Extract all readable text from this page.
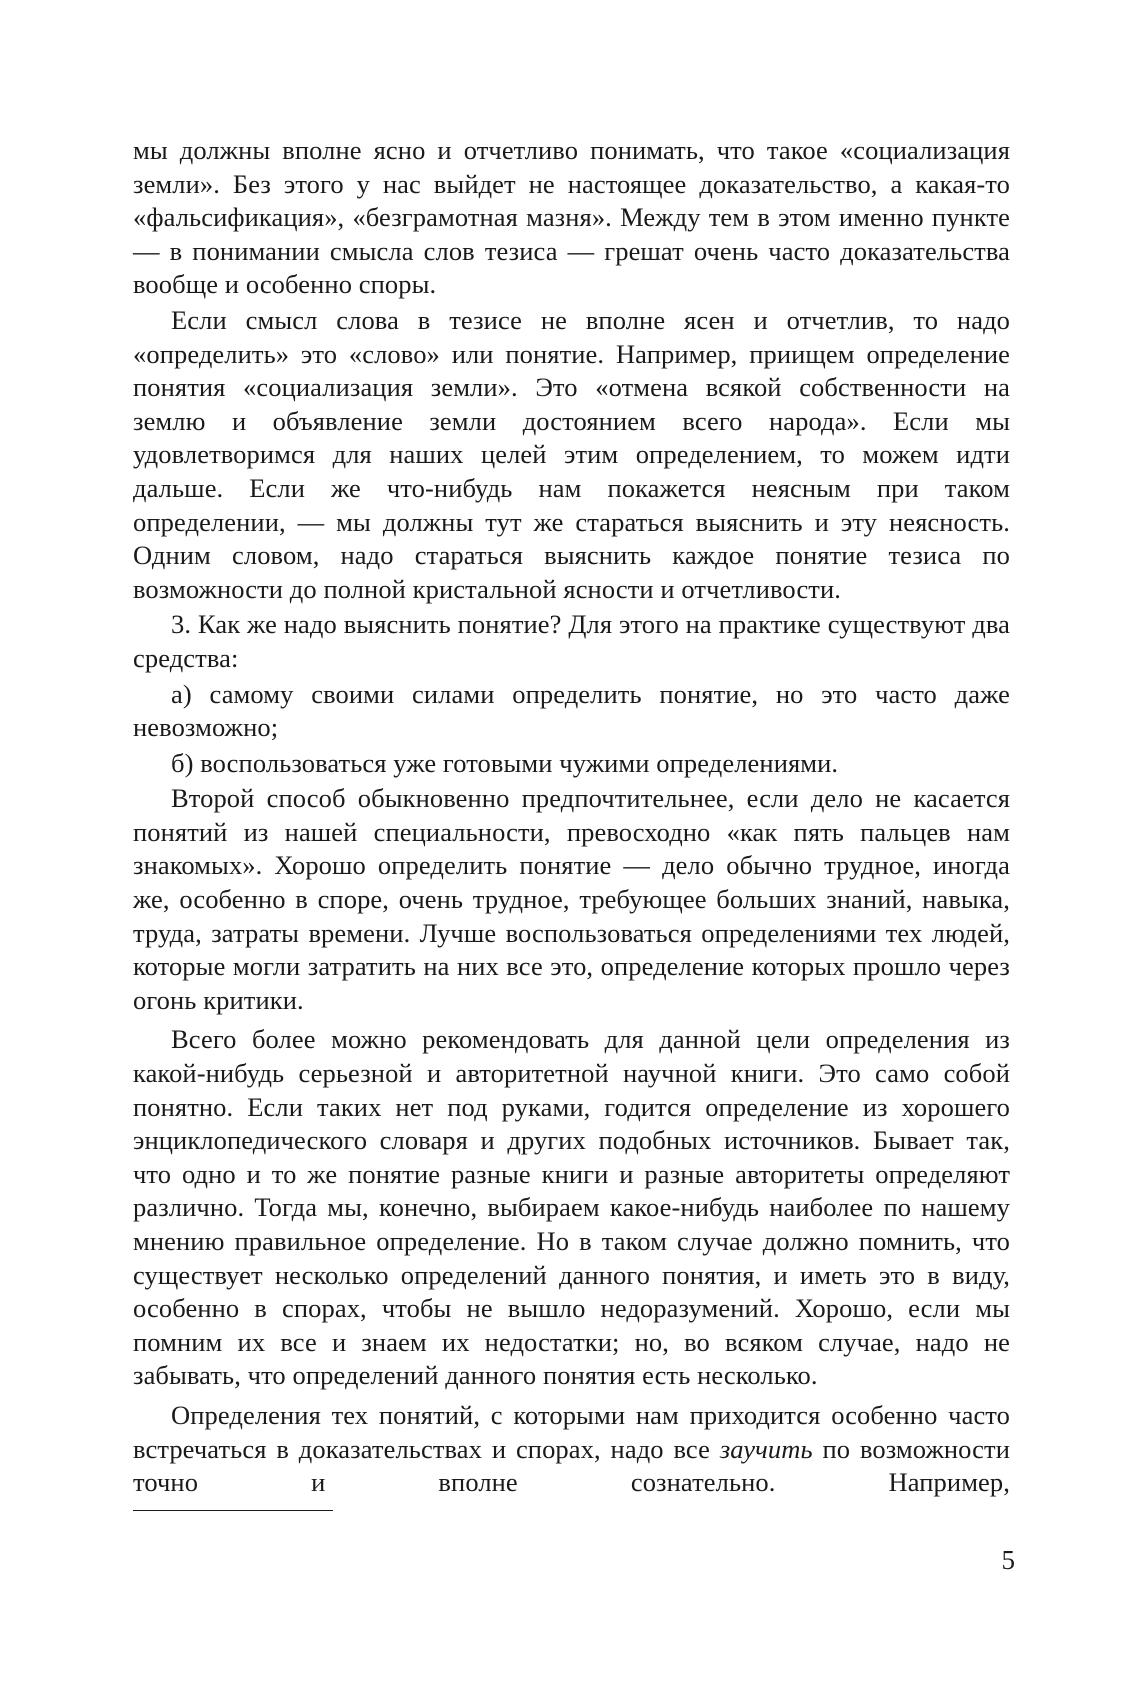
мы должны вполне ясно и отчетливо понимать, что такое «социализация земли». Без этого у нас выйдет не настоящее доказательство, а какая-то «фальсификация», «безграмотная мазня». Между тем в этом именно пункте — в понимании смысла слов тезиса — грешат очень часто доказательства вообще и особенно споры.

Если смысл слова в тезисе не вполне ясен и отчетлив, то надо «определить» это «слово» или понятие. Например, приищем определение понятия «социализация земли». Это «отмена всякой собственности на землю и объявление земли достоянием всего народа». Если мы удовлетворимся для наших целей этим определением, то можем идти дальше. Если же что-нибудь нам покажется неясным при таком определении, — мы должны тут же стараться выяснить и эту неясность. Одним словом, надо стараться выяснить каждое понятие тезиса по возможности до полной кристальной ясности и отчетливости.

3. Как же надо выяснить понятие? Для этого на практике существуют два средства:

а) самому своими силами определить понятие, но это часто даже невозможно;

б) воспользоваться уже готовыми чужими определениями.

Второй способ обыкновенно предпочтительнее, если дело не касается понятий из нашей специальности, превосходно «как пять пальцев нам знакомых». Хорошо определить понятие — дело обычно трудное, иногда же, особенно в споре, очень трудное, требующее больших знаний, навыка, труда, затраты времени. Лучше воспользоваться определениями тех людей, которые могли затратить на них все это, определение которых прошло через огонь критики.

Всего более можно рекомендовать для данной цели определения из какой-нибудь серьезной и авторитетной научной книги. Это само собой понятно. Если таких нет под руками, годится определение из хорошего энциклопедического словаря и других подобных источников. Бывает так, что одно и то же понятие разные книги и разные авторитеты определяют различно. Тогда мы, конечно, выбираем какое-нибудь наиболее по нашему мнению правильное определение. Но в таком случае должно помнить, что существует несколько определений данного понятия, и иметь это в виду, особенно в спорах, чтобы не вышло недоразумений. Хорошо, если мы помним их все и знаем их недостатки; но, во всяком случае, надо не забывать, что определений данного понятия есть несколько.

Определения тех понятий, с которыми нам приходится особенно часто встречаться в доказательствах и спорах, надо все заучить по возможности точно и вполне сознательно. Например,

5
